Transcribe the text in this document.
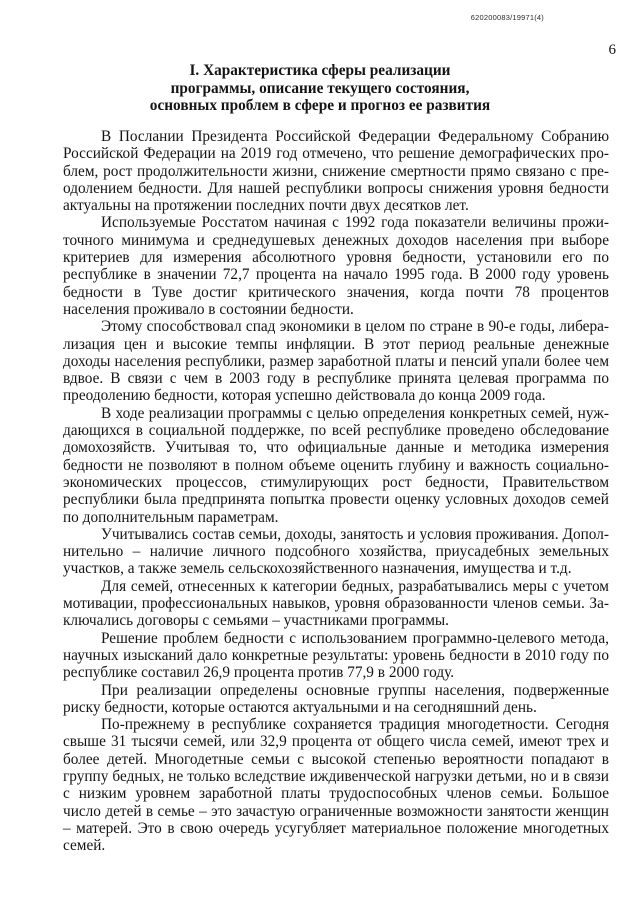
620200083/19971(4)
6
I. Характеристика сферы реализации
программы, описание текущего состояния,
основных проблем в сфере и прогноз ее развития

В Послании Президента Российской Федерации Федеральному Собранию Российской Федерации на 2019 год отмечено, что решение демографических проблем, рост продолжительности жизни, снижение смертности прямо связано с преодолением бедности. Для нашей республики вопросы снижения уровня бедности актуальны на протяжении последних почти двух десятков лет.

Используемые Росстатом начиная с 1992 года показатели величины прожиточного минимума и среднедушевых денежных доходов населения при выборе критериев для измерения абсолютного уровня бедности, установили его по республике в значении 72,7 процента на начало 1995 года. В 2000 году уровень бедности в Туве достиг критического значения, когда почти 78 процентов населения проживало в состоянии бедности.

Этому способствовал спад экономики в целом по стране в 90-е годы, либерализация цен и высокие темпы инфляции. В этот период реальные денежные доходы населения республики, размер заработной платы и пенсий упали более чем вдвое. В связи с чем в 2003 году в республике принята целевая программа по преодолению бедности, которая успешно действовала до конца 2009 года.

В ходе реализации программы с целью определения конкретных семей, нуждающихся в социальной поддержке, по всей республике проведено обследование домохозяйств. Учитывая то, что официальные данные и методика измерения бедности не позволяют в полном объеме оценить глубину и важность социально-экономических процессов, стимулирующих рост бедности, Правительством республики была предпринята попытка провести оценку условных доходов семей по дополнительным параметрам.

Учитывались состав семьи, доходы, занятость и условия проживания. Дополнительно – наличие личного подсобного хозяйства, приусадебных земельных участков, а также земель сельскохозяйственного назначения, имущества и т.д.

Для семей, отнесенных к категории бедных, разрабатывались меры с учетом мотивации, профессиональных навыков, уровня образованности членов семьи. Заключались договоры с семьями – участниками программы.

Решение проблем бедности с использованием программно-целевого метода, научных изысканий дало конкретные результаты: уровень бедности в 2010 году по республике составил 26,9 процента против 77,9 в 2000 году.

При реализации определены основные группы населения, подверженные риску бедности, которые остаются актуальными и на сегодняшний день.

По-прежнему в республике сохраняется традиция многодетности. Сегодня свыше 31 тысячи семей, или 32,9 процента от общего числа семей, имеют трех и более детей. Многодетные семьи с высокой степенью вероятности попадают в группу бедных, не только вследствие иждивенческой нагрузки детьми, но и в связи с низким уровнем заработной платы трудоспособных членов семьи. Большое число детей в семье – это зачастую ограниченные возможности занятости женщин – матерей. Это в свою очередь усугубляет материальное положение многодетных семей.
